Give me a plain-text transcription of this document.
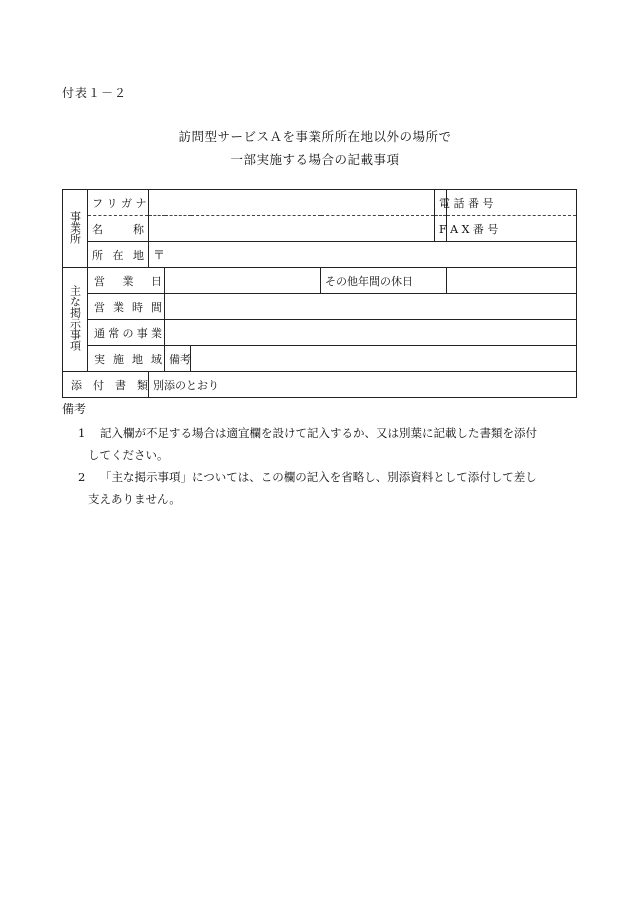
付表１－２
訪問型サービスＡを事業所所在地以外の場所で
一部実施する場合の記載事項
事業所	フ リ ガ ナ					電 話 番 号	

	名 称					F A X 番 号	

	所 在 地	〒					
主な掲示事項	営 業 日				その他年間の休日		

	営 業 時 間						

	通 常 の 事 業						

	実 施 地 域		備考				

添 付 書 類		別添のとおり					
備考
1 記入欄が不足する場合は適宜欄を設けて記入するか、又は別葉に記載した書類を添付
してください。
2 「主な掲示事項」については、この欄の記入を省略し、別添資料として添付して差し
支えありません。
